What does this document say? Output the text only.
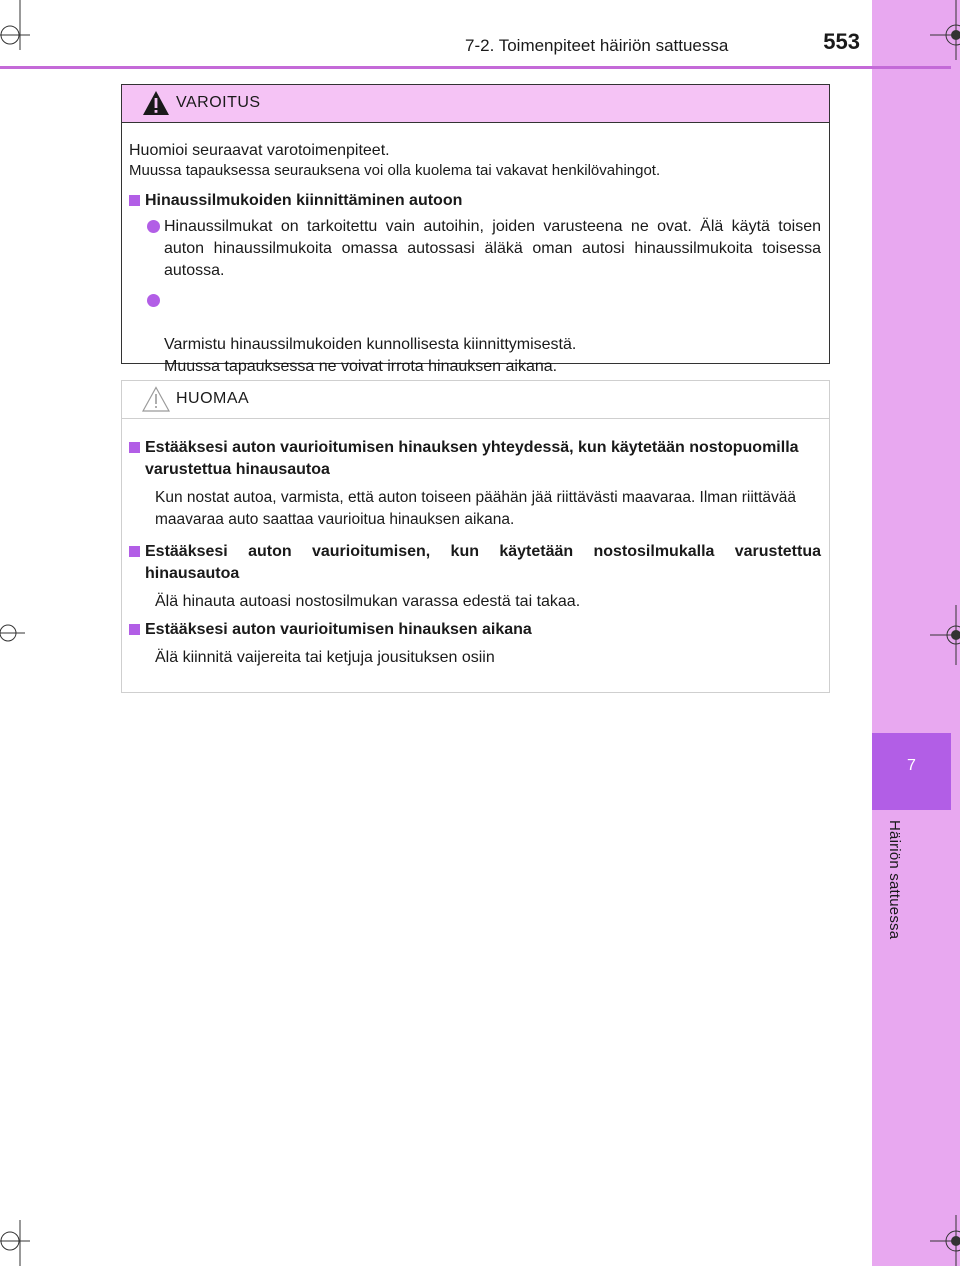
7
Häiriön sattuessa
7-2. Toimenpiteet häiriön sattuessa	553
VAROITUS

Huomioi seuraavat varotoimenpiteet.
Muussa tapauksessa seurauksena voi olla kuolema tai vakavat henkilövahingot.

Hinaussilmukoiden kiinnittäminen autoon
Hinaussilmukat on tarkoitettu vain autoihin, joiden varusteena ne ovat. Älä käytä toisen auton hinaussilmukoita omassa autossasi äläkä oman autosi hinaussilmukoita toisessa autossa.

Varmistu hinaussilmukoiden kunnollisesta kiinnittymisestä.
Muussa tapauksessa ne voivat irrota hinauksen aikana.

HUOMAA
Estääksesi auton vaurioitumisen hinauksen yhteydessä, kun käytetään nostopuomilla varustettua hinausautoa

Kun nostat autoa, varmista, että auton toiseen päähän jää riittävästi maavaraa. Ilman riittävää maavaraa auto saattaa vaurioitua hinauksen aikana.

Estääksesi auton vaurioitumisen, kun käytetään nostosilmukalla varustettua hinausautoa

Älä hinauta autoasi nostosilmukan varassa edestä tai takaa.

Estääksesi auton vaurioitumisen hinauksen aikana

Älä kiinnitä vaijereita tai ketjuja jousituksen osiin
